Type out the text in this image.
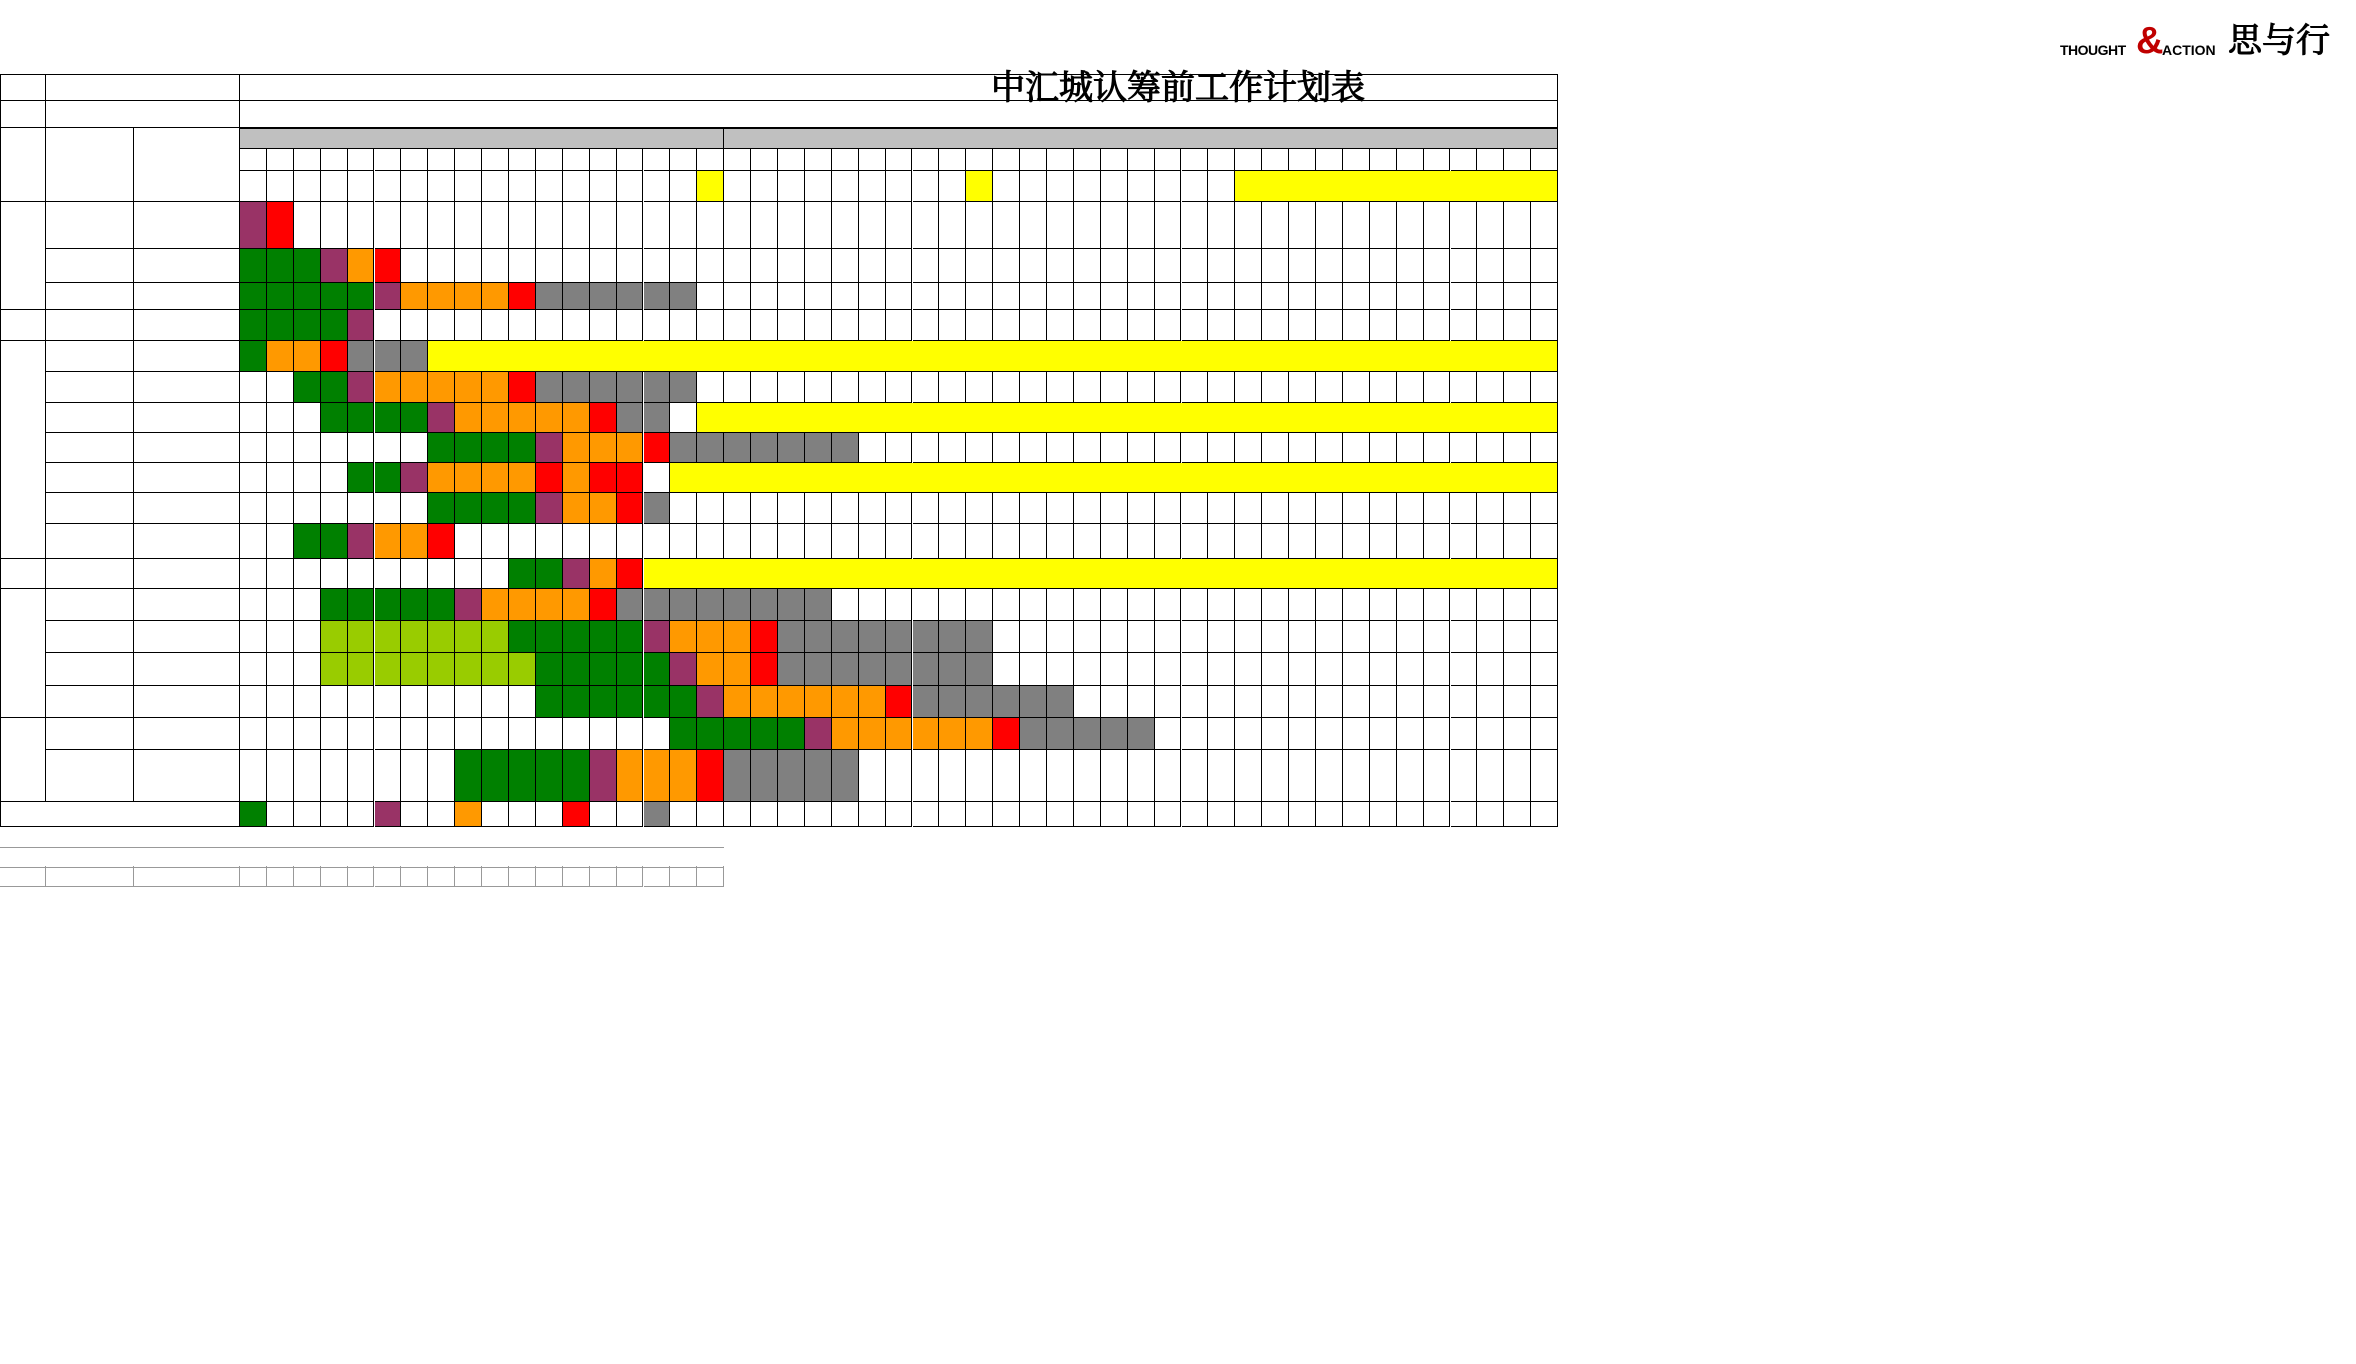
中汇城认筹前工作计划表
THOUGHT &
ACTION 思与行
